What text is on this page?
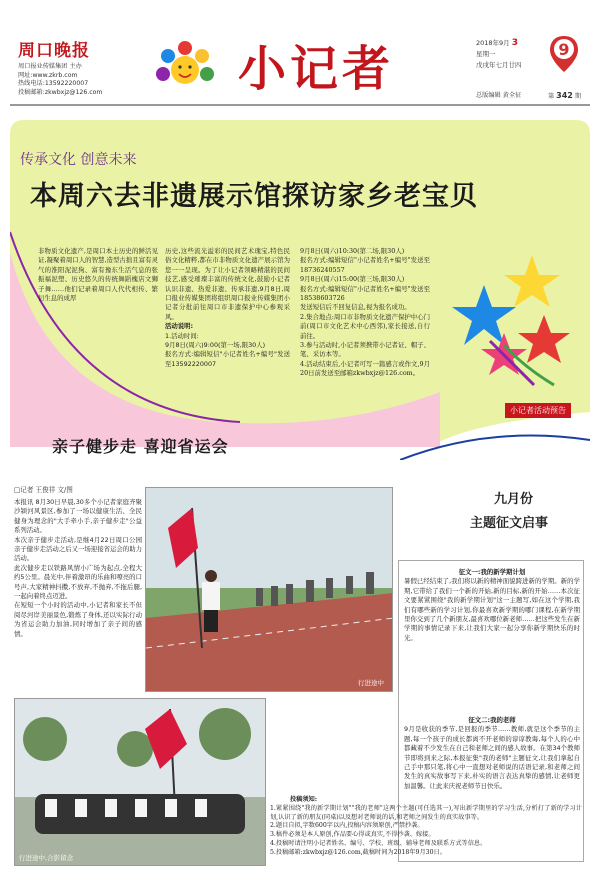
周口晚报
周口报业传媒集团 主办
网址:www.zkrb.com
热线电话:13592220007
投稿邮箱:zkwbxjz@126.com	小记者	2018年9月 3
星期一
戊戌年七月廿四
9
总版编辑 黄全征	第 342 期
传承文化 创意未来
本周六去非遗展示馆探访家乡老宝贝
非物质文化遗产,是周口本土历史的鲜活见证,凝聚着周口人的智慧,造型古拙且富有灵气的淮阳泥泥狗、富有豫东生活气息的张振福泥塑、历史悠久的传统舞蹈槐店文狮子舞……他们记录着周口人代代相传、繁衍生息的成厚
历史,这些流光溢彩的民间艺术瑰宝,特色民俗文化精粹,都在市非物质文化遗产展示馆为您一一呈现。为了让小记者领略精湛的民间技艺,感受璀璨丰富的传统文化,鼓励小记者认识非遗、热爱非遗、传承非遗,9月8日,周口报业传媒集团将组织周口报业传媒集团小记者分批前往周口市非遗保护中心参观采风。
活动说明:
1.活动时间:
9月8日(周六)9:00(第一场,限30人)
报名方式:编辑短信"小记者姓名+编号"发送至13592220007
9月8日(周六)10:30(第二场,限30人)
报名方式:编辑短信"小记者姓名+编号"发送至18736240557
9月8日(周六)15:00(第三场,限30人)
报名方式:编辑短信"小记者姓名+编号"发送至18538603726
发送短信后不回复信息,视为报名成功。
2.集合地点:周口市非物质文化遗产保护中心门前(周口市文化艺术中心西邻),家长接送,自行前往。
3.参与活动时,小记者须携带小记者证、帽子、笔、采访本等。
4.活动结束后,小记者可写一篇感言或作文,9月20日前发送至邮箱zkwbxjz@126.com。
小记者活动预告
亲子健步走 喜迎省运会
□记者 王俊祥 文/图

本报讯 8月30日早晨,30多个小记者家庭齐聚沙颍河风景区,参加了一场以健康生活、全民健身为理念的"大手牵小手,亲子健步走"公益系列活动。

本次亲子健步走活动,是继4月22日周口公园亲子健步走活动之后又一场迎接省运会的助力活动。

此次健步走以铁路风情小广场为起点,全程大约5公里。晨光中,伴着激昂的乐曲和嘹亮的口号声,大家精神抖擞,不放弃,不抛弃,不拖后腿,一起向着终点迈进。

在短短一个小时的活动中,小记者和家长不但阅尽河岸美丽景色,锻炼了身体,还以实际行动为省运会助力加油,同时增加了亲子间的感情。

行进途中
行进途中,合影留念
九月份
主题征文启事
征文一:我的新学期计划
暑假已经结束了,我们将以新的精神面貌跨进新的学期。新的学期,它带给了我们一个新的开始,新的目标,新的开始……本次征文要紧紧围绕"我的新学期计划"这一主题写,如在这个学期,我们有哪些新的学习计划,你最喜欢新学期的哪门课程,在新学期里你交到了几个新朋友,最喜欢哪位新老师……把这些发生在新学期的事情记录下来,让我们大家一起分享你新学期快乐的时光。
征文二:我的老师
9月是收获的季节,是回报的季节……教师,就是这个季节的主题,每一个孩子的成长都离不开老师的谆谆教诲,每个人的心中都藏着不少发生在自己和老师之间的感人故事。在第34个教师节即将到来之际,本报征集"我的老师"主题征文,让我们拿起自己手中那只笔,将心中一直想对老师说的话语记录,和老师之间发生的真实故事写下来,朴实的语言表达真挚的感情,让老师更加温馨。让此来庆祝老师节日快乐。
投稿须知:
1.紧紧围绕"我的新学期计划""我的老师"这两个主题(可任选其一),写出新学期里的学习生活,分析打了新的学习计划,认识了新的朋友(同桌)以及想对老师说的话,和老师之间发生的真实故事等。
2.题目自拟,字数600字以内,投稿内容须原创,严禁抄袭。
3.稿件必须是本人原创,作品要心得或真实,不得抄袭、嫁接。
4.投稿时请注明小记者姓名、编号、学校、班级、辅导老师及联系方式等信息。
5.投稿邮箱:zkwbxjz@126.com,截稿时间为2018年9月30日。
